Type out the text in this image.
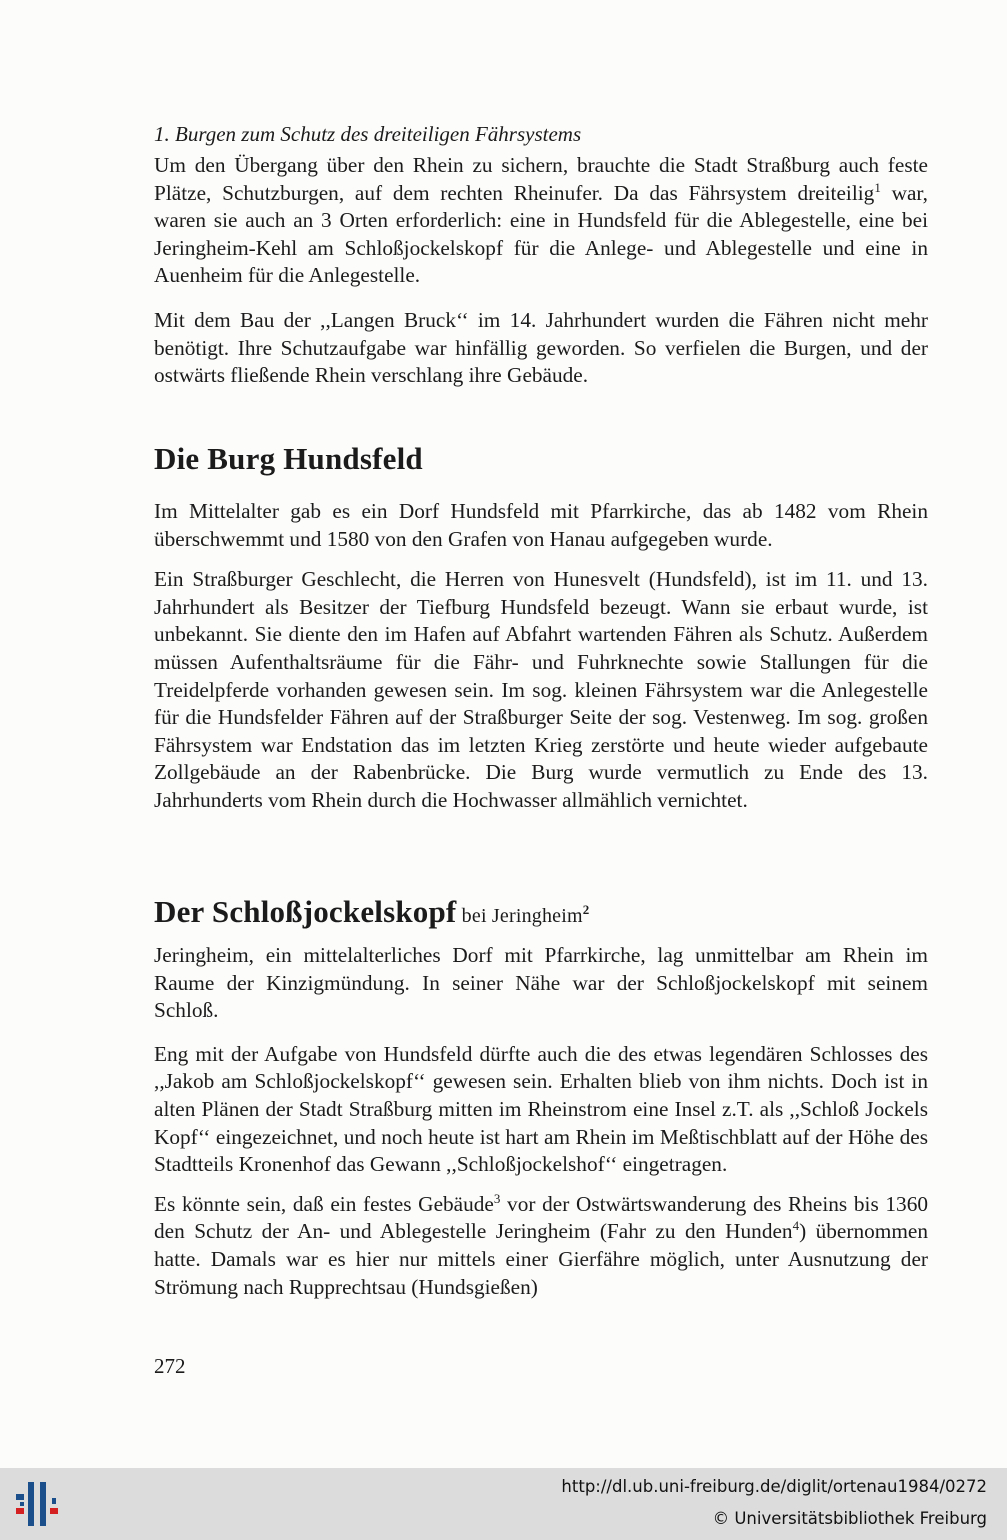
1. Burgen zum Schutz des dreiteiligen Fährsystems

Um den Übergang über den Rhein zu sichern, brauchte die Stadt Straßburg auch feste Plätze, Schutzburgen, auf dem rechten Rheinufer. Da das Fährsystem dreiteilig$^1$ war, waren sie auch an 3 Orten erforderlich: eine in Hundsfeld für die Ablegestelle, eine bei Jeringheim-Kehl am Schloßjockelskopf für die Anlege- und Ablegestelle und eine in Auenheim für die Anlegestelle.

Mit dem Bau der ,,Langen Bruck‘‘ im 14. Jahrhundert wurden die Fähren nicht mehr benötigt. Ihre Schutzaufgabe war hinfällig geworden. So verfielen die Burgen, und der ostwärts fließende Rhein verschlang ihre Gebäude.

Die Burg Hundsfeld

Im Mittelalter gab es ein Dorf Hundsfeld mit Pfarrkirche, das ab 1482 vom Rhein überschwemmt und 1580 von den Grafen von Hanau aufgegeben wurde.

Ein Straßburger Geschlecht, die Herren von Hunesvelt (Hundsfeld), ist im 11. und 13. Jahrhundert als Besitzer der Tiefburg Hundsfeld bezeugt. Wann sie erbaut wurde, ist unbekannt. Sie diente den im Hafen auf Abfahrt wartenden Fähren als Schutz. Außerdem müssen Aufenthaltsräume für die Fähr- und Fuhrknechte sowie Stallungen für die Treidelpferde vorhanden gewesen sein. Im sog. kleinen Fährsystem war die Anlegestelle für die Hundsfelder Fähren auf der Straßburger Seite der sog. Vestenweg. Im sog. großen Fährsystem war Endstation das im letzten Krieg zerstörte und heute wieder aufgebaute Zollgebäude an der Rabenbrücke. Die Burg wurde vermutlich zu Ende des 13. Jahrhunderts vom Rhein durch die Hochwasser allmählich vernichtet.

Der Schloßjockelskopf bei Jeringheim$^2$

Jeringheim, ein mittelalterliches Dorf mit Pfarrkirche, lag unmittelbar am Rhein im Raume der Kinzigmündung. In seiner Nähe war der Schloßjockelskopf mit seinem Schloß.

Eng mit der Aufgabe von Hundsfeld dürfte auch die des etwas legendären Schlosses des ,,Jakob am Schloßjockelskopf‘‘ gewesen sein. Erhalten blieb von ihm nichts. Doch ist in alten Plänen der Stadt Straßburg mitten im Rheinstrom eine Insel z.T. als ,,Schloß Jockels Kopf‘‘ eingezeichnet, und noch heute ist hart am Rhein im Meßtischblatt auf der Höhe des Stadtteils Kronenhof das Gewann ,,Schloßjockelshof‘‘ eingetragen.

Es könnte sein, daß ein festes Gebäude$^3$ vor der Ostwärtswanderung des Rheins bis 1360 den Schutz der An- und Ablegestelle Jeringheim (Fahr zu den Hunden$^4$) übernommen hatte. Damals war es hier nur mittels einer Gierfähre möglich, unter Ausnutzung der Strömung nach Rupprechtsau (Hundsgießen)

272
http://dl.ub.uni-freiburg.de/diglit/ortenau1984/0272
© Universitätsbibliothek Freiburg
